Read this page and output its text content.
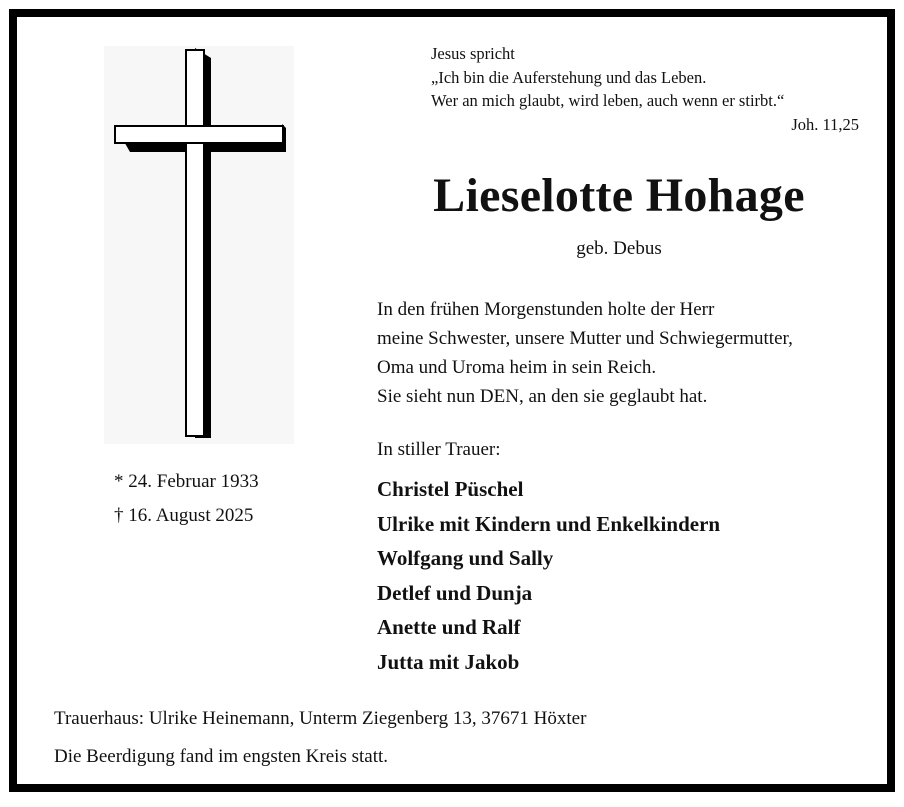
Jesus spricht
„Ich bin die Auferstehung und das Leben.
Wer an mich glaubt, wird leben, auch wenn er stirbt.“
Joh. 11,25
Lieselotte Hohage
geb. Debus
In den frühen Morgenstunden holte der Herr
meine Schwester, unsere Mutter und Schwiegermutter,
Oma und Uroma heim in sein Reich.
Sie sieht nun DEN, an den sie geglaubt hat.
* 24. Februar 1933
† 16. August 2025
In stiller Trauer:
Christel Püschel
Ulrike mit Kindern und Enkelkindern
Wolfgang und Sally
Detlef und Dunja
Anette und Ralf
Jutta mit Jakob
Trauerhaus: Ulrike Heinemann, Unterm Ziegenberg 13, 37671 Höxter
Die Beerdigung fand im engsten Kreis statt.
